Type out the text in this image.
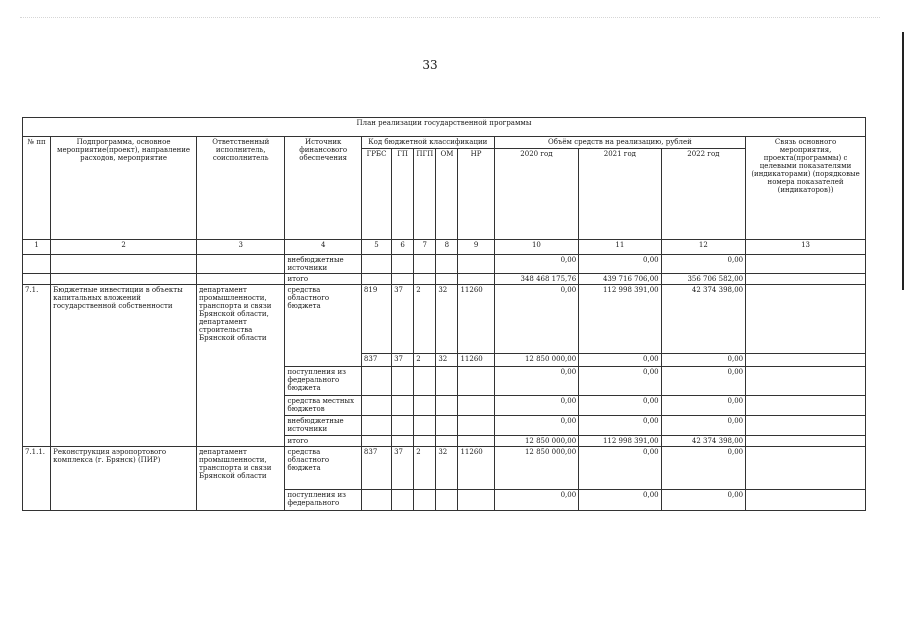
33
План реализации государственной программы												
№ пп	Подпрограмма, основное мероприятие(проект), направление расходов, мероприятие	Ответственный исполнитель, соисполнитель	Источник финансового обеспечения	Код бюджетной классификации					Объём средств на реализацию, рублей			Связь основного мероприятия, проекта(программы) с целевыми показателями (индикаторами) (порядковые номера показателей (индикаторов))
				ГРБС	ГП	ПГП	ОМ	НР	2020 год	2021 год	2022 год	
1	2	3	4	5	6	7	8	9	10	11	12	13
			внебюджетные источники						0,00	0,00	0,00	
			итого						348 468 175,76	439 716 706,00	356 706 582,00	
7.1.	Бюджетные инвестиции в объекты капитальных вложений государственной собственности	департамент промышленности, транспорта и связи Брянской области, департамент строительства Брянской области	средства областного бюджета	819	37	2	32	11260	0,00	112 998 391,00	42 374 398,00	
				837	37	2	32	11260	12 850 000,00	0,00	0,00	
			поступления из федерального бюджета						0,00	0,00	0,00	
			средства местных бюджетов						0,00	0,00	0,00	
			внебюджетные источники						0,00	0,00	0,00	
			итого						12 850 000,00	112 998 391,00	42 374 398,00	
7.1.1.	Реконструкция аэропортового комплекса (г. Брянск) (ПИР)	департамент промышленности, транспорта и связи Брянской области	средства областного бюджета	837	37	2	32	11260	12 850 000,00	0,00	0,00	
			поступления из федерального						0,00	0,00	0,00	
